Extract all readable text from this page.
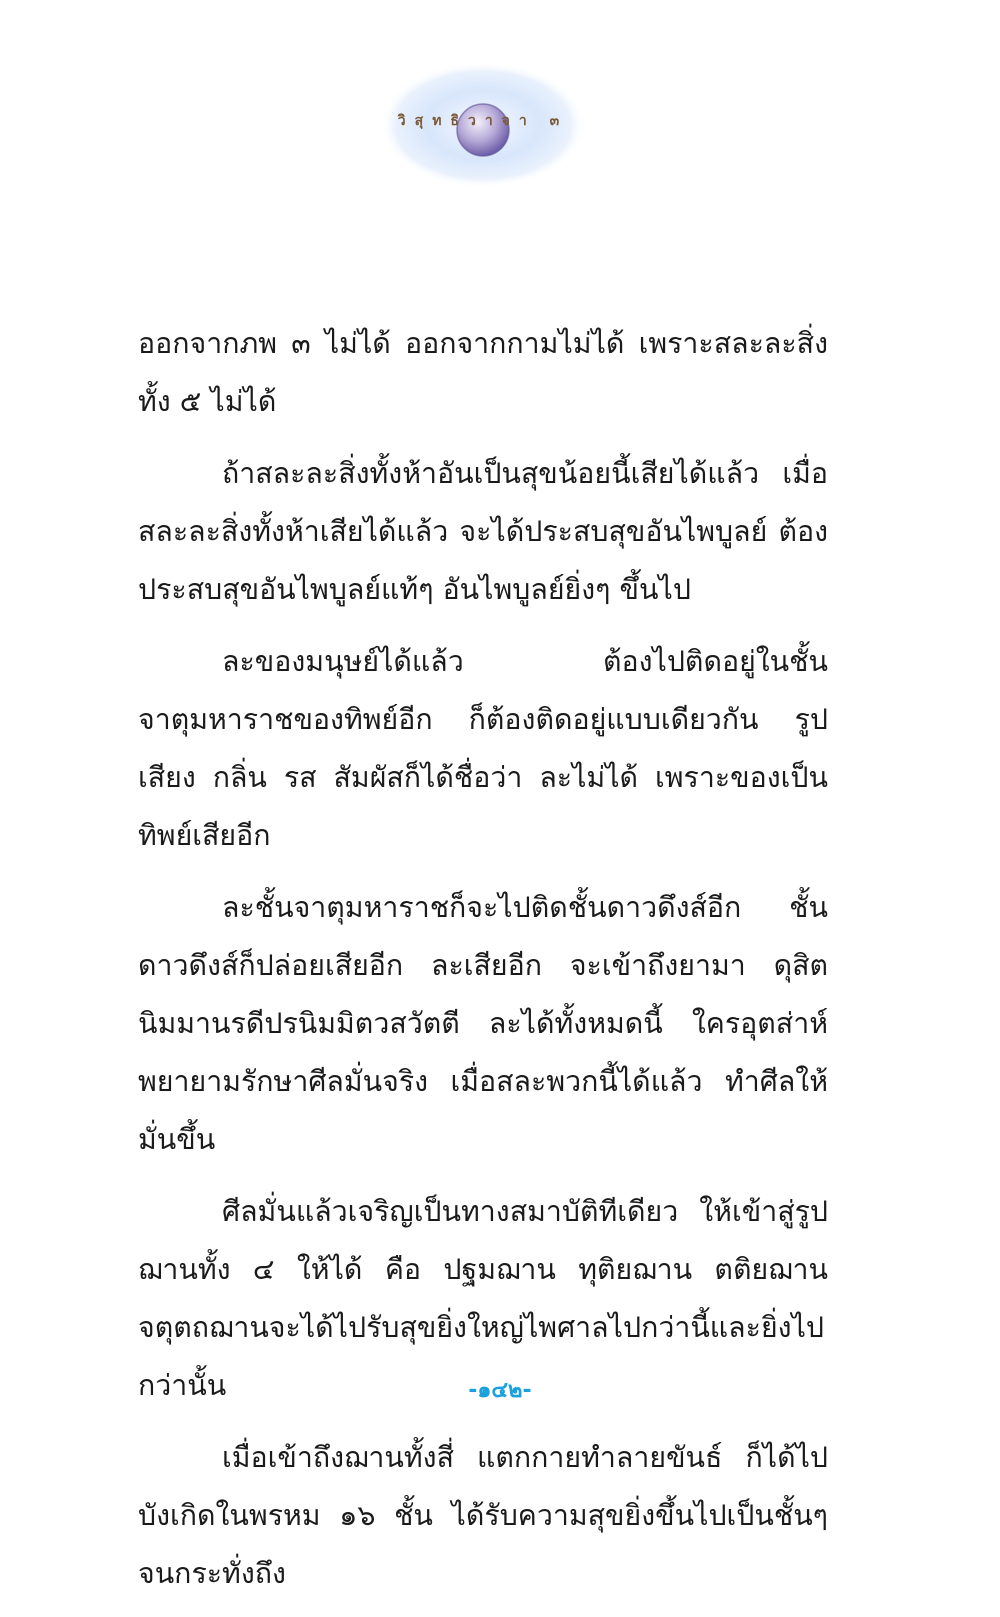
วิสุทธิวาจา ๓

ออกจากภพ ๓ ไม่ได้ ออกจากกามไม่ได้ เพราะสละละสิ่งทั้ง ๕ ไม่ได้

ถ้าสละละสิ่งทั้งห้าอันเป็นสุขน้อยนี้เสียได้แล้ว เมื่อสละละสิ่งทั้งห้าเสียได้แล้ว จะได้ประสบสุขอันไพบูลย์ ต้องประสบสุขอันไพบูลย์แท้ๆ อันไพบูลย์ยิ่งๆ ขึ้นไป

ละของมนุษย์ได้แล้ว ต้องไปติดอยู่ในชั้นจาตุมหาราชของทิพย์อีก ก็ต้องติดอยู่แบบเดียวกัน รูป เสียง กลิ่น รส สัมผัสก็ได้ชื่อว่า ละไม่ได้ เพราะของเป็นทิพย์เสียอีก

ละชั้นจาตุมหาราชก็จะไปติดชั้นดาวดึงส์อีก ชั้นดาวดึงส์ก็ปล่อยเสียอีก ละเสียอีก จะเข้าถึงยามา ดุสิต นิมมานรดีปรนิมมิตวสวัตตี ละได้ทั้งหมดนี้ ใครอุตส่าห์พยายามรักษาศีลมั่นจริง เมื่อสละพวกนี้ได้แล้ว ทำศีลให้มั่นขึ้น

ศีลมั่นแล้วเจริญเป็นทางสมาบัติทีเดียว ให้เข้าสู่รูปฌานทั้ง ๔ ให้ได้ คือ ปฐมฌาน ทุติยฌาน ตติยฌาน จตุตถฌานจะได้ไปรับสุขยิ่งใหญ่ไพศาลไปกว่านี้และยิ่งไปกว่านั้น

เมื่อเข้าถึงฌานทั้งสี่ แตกกายทำลายขันธ์ ก็ได้ไปบังเกิดในพรหม ๑๖ ชั้น ได้รับความสุขยิ่งขึ้นไปเป็นชั้นๆ จนกระทั่งถึง

-๑๔๒-
